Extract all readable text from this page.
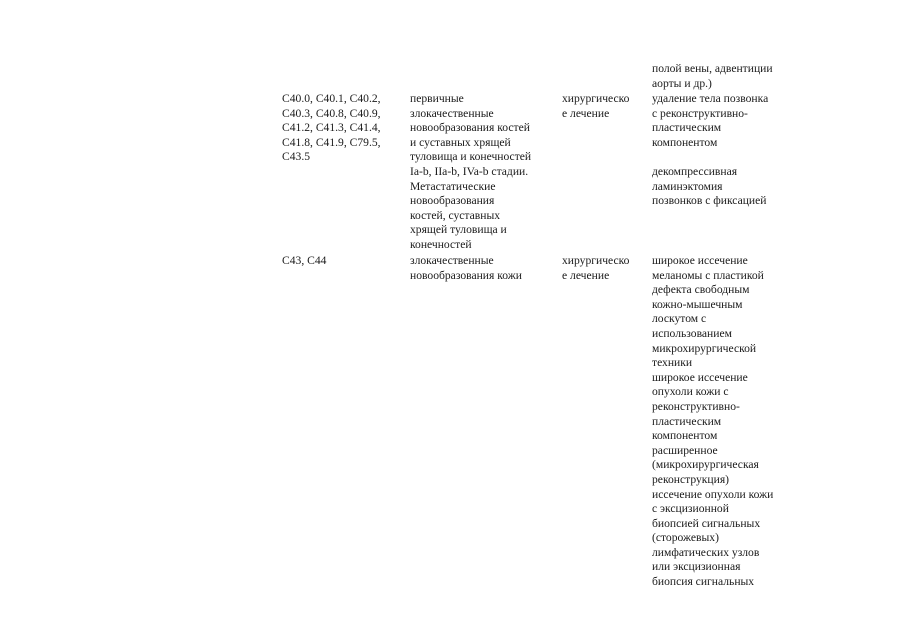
полой вены, адвентиции
аорты и др.)
C40.0, C40.1, C40.2,
C40.3, C40.8, C40.9,
C41.2, C41.3, C41.4,
C41.8, C41.9, C79.5,
C43.5
первичные
злокачественные
новообразования костей
и суставных хрящей
туловища и конечностей
Ia-b, IIa-b, IVa-b стадии.
Метастатические
новообразования
костей, суставных
хрящей туловища и
конечностей
хирургическо
е лечение
удаление тела позвонка
с реконструктивно-
пластическим
компонентом
декомпрессивная
ламинэктомия
позвонков с фиксацией
C43, C44	злокачественные
новообразования кожи
хирургическо
е лечение
широкое иссечение
меланомы с пластикой
дефекта свободным
кожно-мышечным
лоскутом с
использованием
микрохирургической
техники
широкое иссечение
опухоли кожи с
реконструктивно-
пластическим
компонентом
расширенное
(микрохирургическая
реконструкция)
иссечение опухоли кожи
с эксцизионной
биопсией сигнальных
(сторожевых)
лимфатических узлов
или эксцизионная
биопсия сигнальных
